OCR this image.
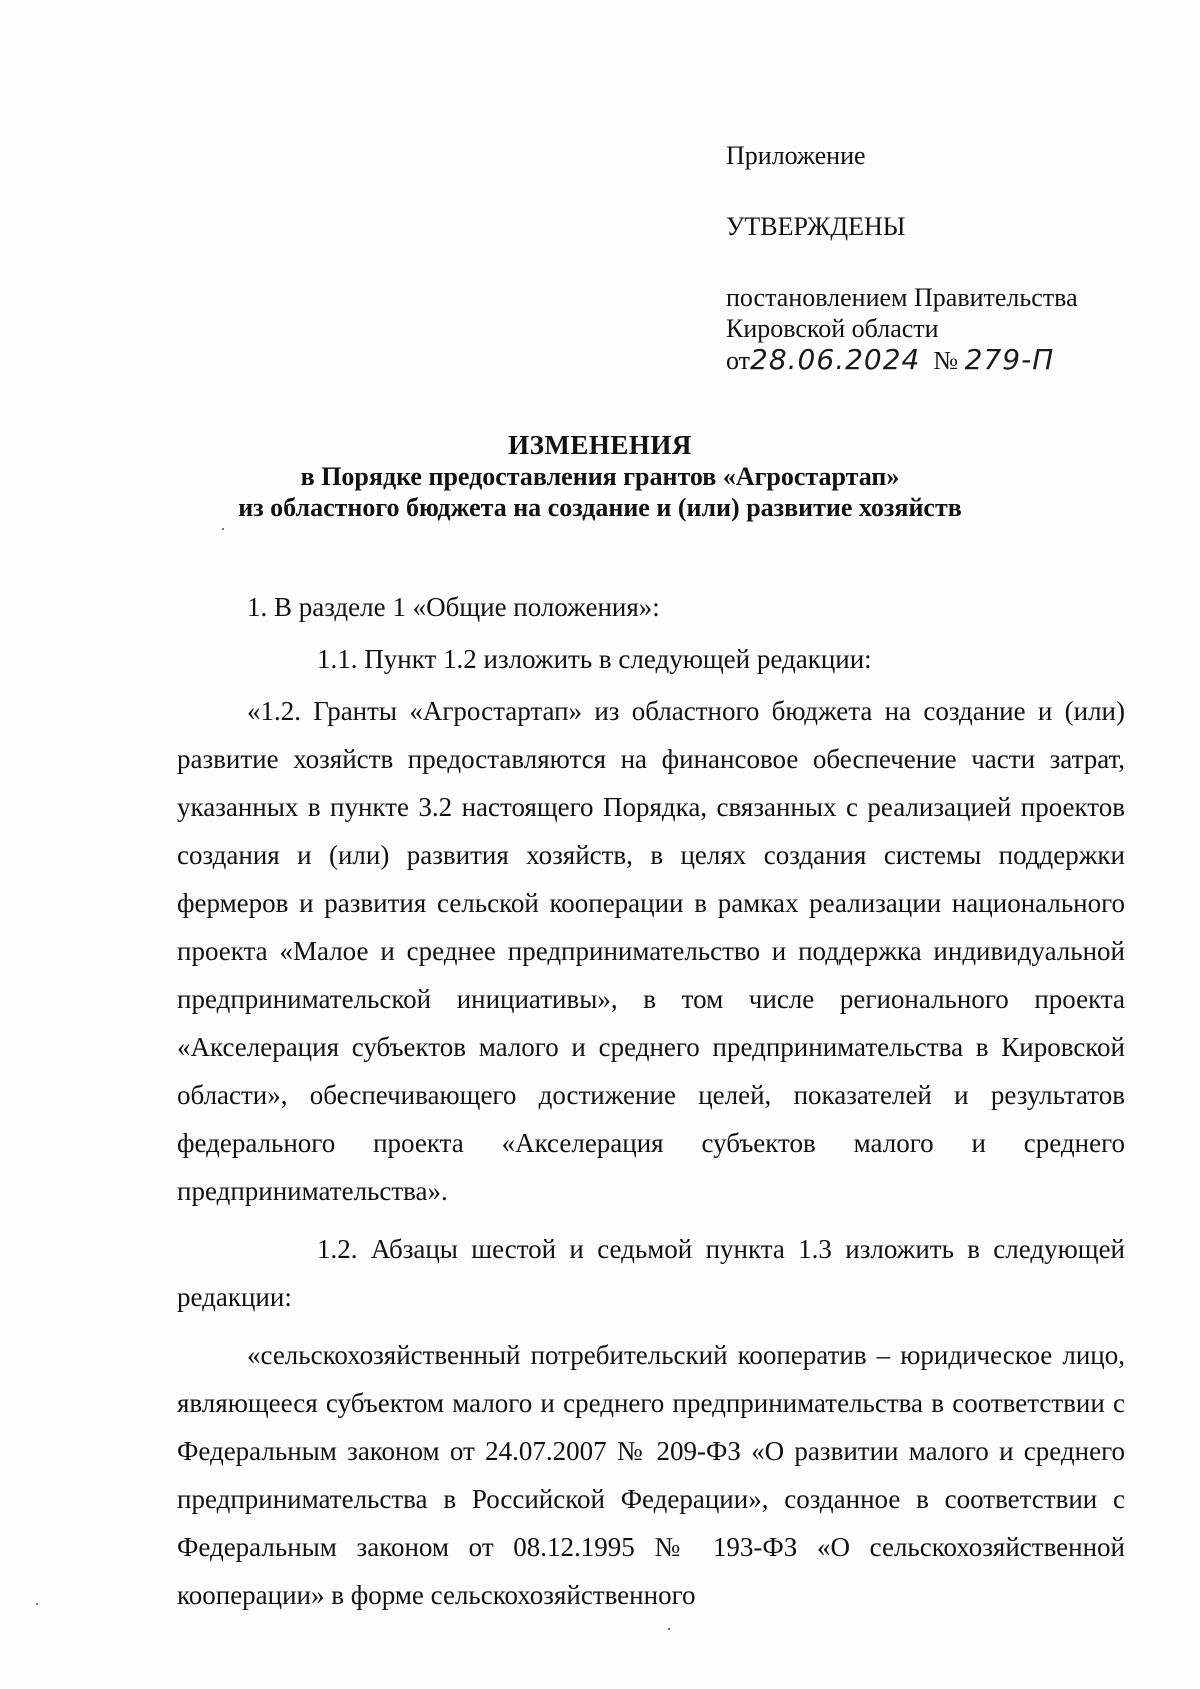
Приложение
УТВЕРЖДЕНЫ
постановлением Правительства
Кировской области
от28.06.2024 № 279-П
ИЗМЕНЕНИЯ
в Порядке предоставления грантов «Агростартап»
из областного бюджета на создание и (или) развитие хозяйств

1. В разделе 1 «Общие положения»:

1.1. Пункт 1.2 изложить в следующей редакции:

«1.2. Гранты «Агростартап» из областного бюджета на создание и (или) развитие хозяйств предоставляются на финансовое обеспечение части затрат, указанных в пункте 3.2 настоящего Порядка, связанных с реализацией проектов создания и (или) развития хозяйств, в целях создания системы поддержки фермеров и развития сельской кооперации в рамках реализации национального проекта «Малое и среднее предпринимательство и поддержка индивидуальной предпринимательской инициативы», в том числе регионального проекта «Акселерация субъектов малого и среднего предпринимательства в Кировской области», обеспечивающего достижение целей, показателей и результатов федерального проекта «Акселерация субъектов малого и среднего предпринимательства».

1.2. Абзацы шестой и седьмой пункта 1.3 изложить в следующей редакции:

«сельскохозяйственный потребительский кооператив – юридическое лицо, являющееся субъектом малого и среднего предпринимательства в соответствии с Федеральным законом от 24.07.2007 № 209-ФЗ «О развитии малого и среднего предпринимательства в Российской Федерации», созданное в соответствии с Федеральным законом от 08.12.1995 № 193-ФЗ «О сельскохозяйственной кооперации» в форме сельскохозяйственного
